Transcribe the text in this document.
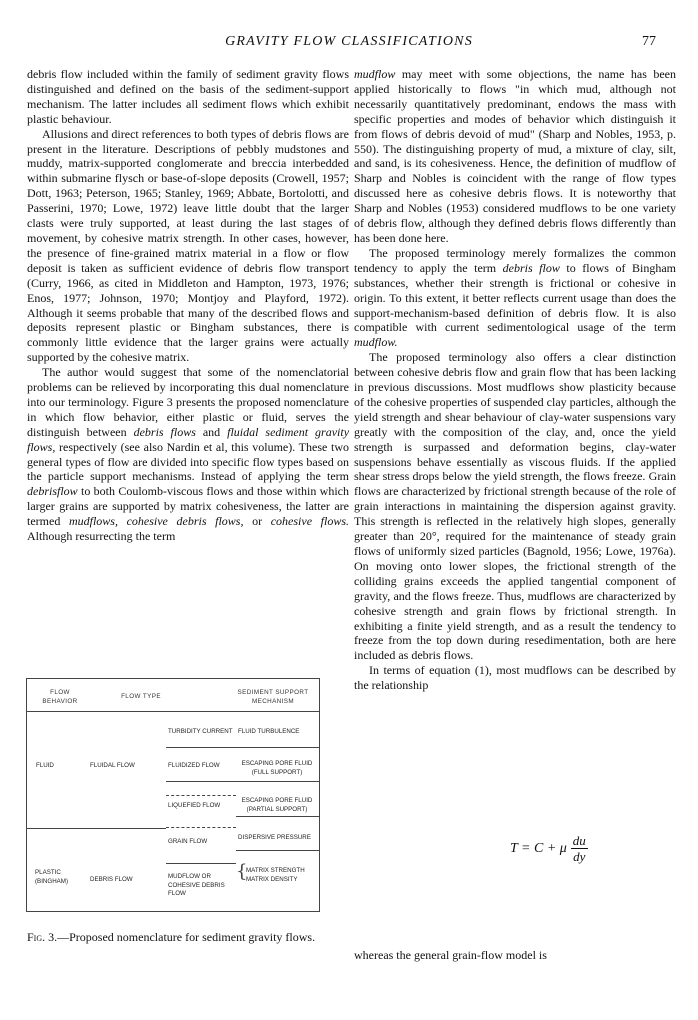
GRAVITY FLOW CLASSIFICATIONS	77

debris flow included within the family of sediment gravity flows distinguished and defined on the basis of the sediment-support mechanism. The latter includes all sediment flows which exhibit plastic behaviour.

Allusions and direct references to both types of debris flows are present in the literature. Descriptions of pebbly mudstones and muddy, matrix-supported conglomerate and breccia interbedded within submarine flysch or base-of-slope deposits (Crowell, 1957; Dott, 1963; Peterson, 1965; Stanley, 1969; Abbate, Bortolotti, and Passerini, 1970; Lowe, 1972) leave little doubt that the larger clasts were truly supported, at least during the last stages of movement, by cohesive matrix strength. In other cases, however, the presence of fine-grained matrix material in a flow or flow deposit is taken as sufficient evidence of debris flow transport (Curry, 1966, as cited in Middleton and Hampton, 1973, 1976; Enos, 1977; Johnson, 1970; Montjoy and Playford, 1972). Although it seems probable that many of the described flows and deposits represent plastic or Bingham substances, there is commonly little evidence that the larger grains were actually supported by the cohesive matrix.

The author would suggest that some of the nomenclatorial problems can be relieved by incorporating this dual nomenclature into our terminology. Figure 3 presents the proposed nomenclature in which flow behavior, either plastic or fluid, serves the distinguish between debris flows and fluidal sediment gravity flows, respectively (see also Nardin et al, this volume). These two general types of flow are divided into specific flow types based on the particle support mechanisms. Instead of applying the term debrisflow to both Coulomb-viscous flows and those within which larger grains are supported by matrix cohesiveness, the latter are termed mudflows, cohesive debris flows, or cohesive flows. Although resurrecting the term

mudflow may meet with some objections, the name has been applied historically to flows "in which mud, although not necessarily quantitatively predominant, endows the mass with specific properties and modes of behavior which distinguish it from flows of debris devoid of mud" (Sharp and Nobles, 1953, p. 550). The distinguishing property of mud, a mixture of clay, silt, and sand, is its cohesiveness. Hence, the definition of mudflow of Sharp and Nobles is coincident with the range of flow types discussed here as cohesive debris flows. It is noteworthy that Sharp and Nobles (1953) considered mudflows to be one variety of debris flow, although they defined debris flows differently than has been done here.

The proposed terminology merely formalizes the common tendency to apply the term debris flow to flows of Bingham substances, whether their strength is frictional or cohesive in origin. To this extent, it better reflects current usage than does the support-mechanism-based definition of debris flow. It is also compatible with current sedimentological usage of the term mudflow.

The proposed terminology also offers a clear distinction between cohesive debris flow and grain flow that has been lacking in previous discussions. Most mudflows show plasticity because of the cohesive properties of suspended clay particles, although the yield strength and shear behaviour of clay-water suspensions vary greatly with the composition of the clay, and, once the yield strength is surpassed and deformation begins, clay-water suspensions behave essentially as viscous fluids. If the applied shear stress drops below the yield strength, the flows freeze. Grain flows are characterized by frictional strength because of the role of grain interactions in maintaining the dispersion against gravity. This strength is reflected in the relatively high slopes, generally greater than 20°, required for the maintenance of steady grain flows of uniformly sized particles (Bagnold, 1956; Lowe, 1976a). On moving onto lower slopes, the frictional strength of the colliding grains exceeds the applied tangential component of gravity, and the flows freeze. Thus, mudflows are characterized by cohesive strength and grain flows by frictional strength. In exhibiting a finite yield strength, and as a result the tendency to freeze from the top down during resedimentation, both are here included as debris flows.

In terms of equation (1), most mudflows can be described by the relationship

T = C + μ $\frac{du}{dy}$
whereas the general grain-flow model is
FLOW BEHAVIOR
FLOW TYPE
SEDIMENT SUPPORT MECHANISM
FLUID
PLASTIC (BINGHAM)
FLUIDAL FLOW
DEBRIS FLOW
TURBIDITY CURRENT
FLUIDIZED FLOW
LIQUEFIED FLOW
GRAIN FLOW
MUDFLOW OR COHESIVE DEBRIS FLOW
FLUID TURBULENCE
ESCAPING PORE FLUID (FULL SUPPORT)
ESCAPING PORE FLUID (PARTIAL SUPPORT)
DISPERSIVE PRESSURE
{
MATRIX STRENGTH
MATRIX DENSITY
Fig. 3.—Proposed nomenclature for sediment gravity flows.
